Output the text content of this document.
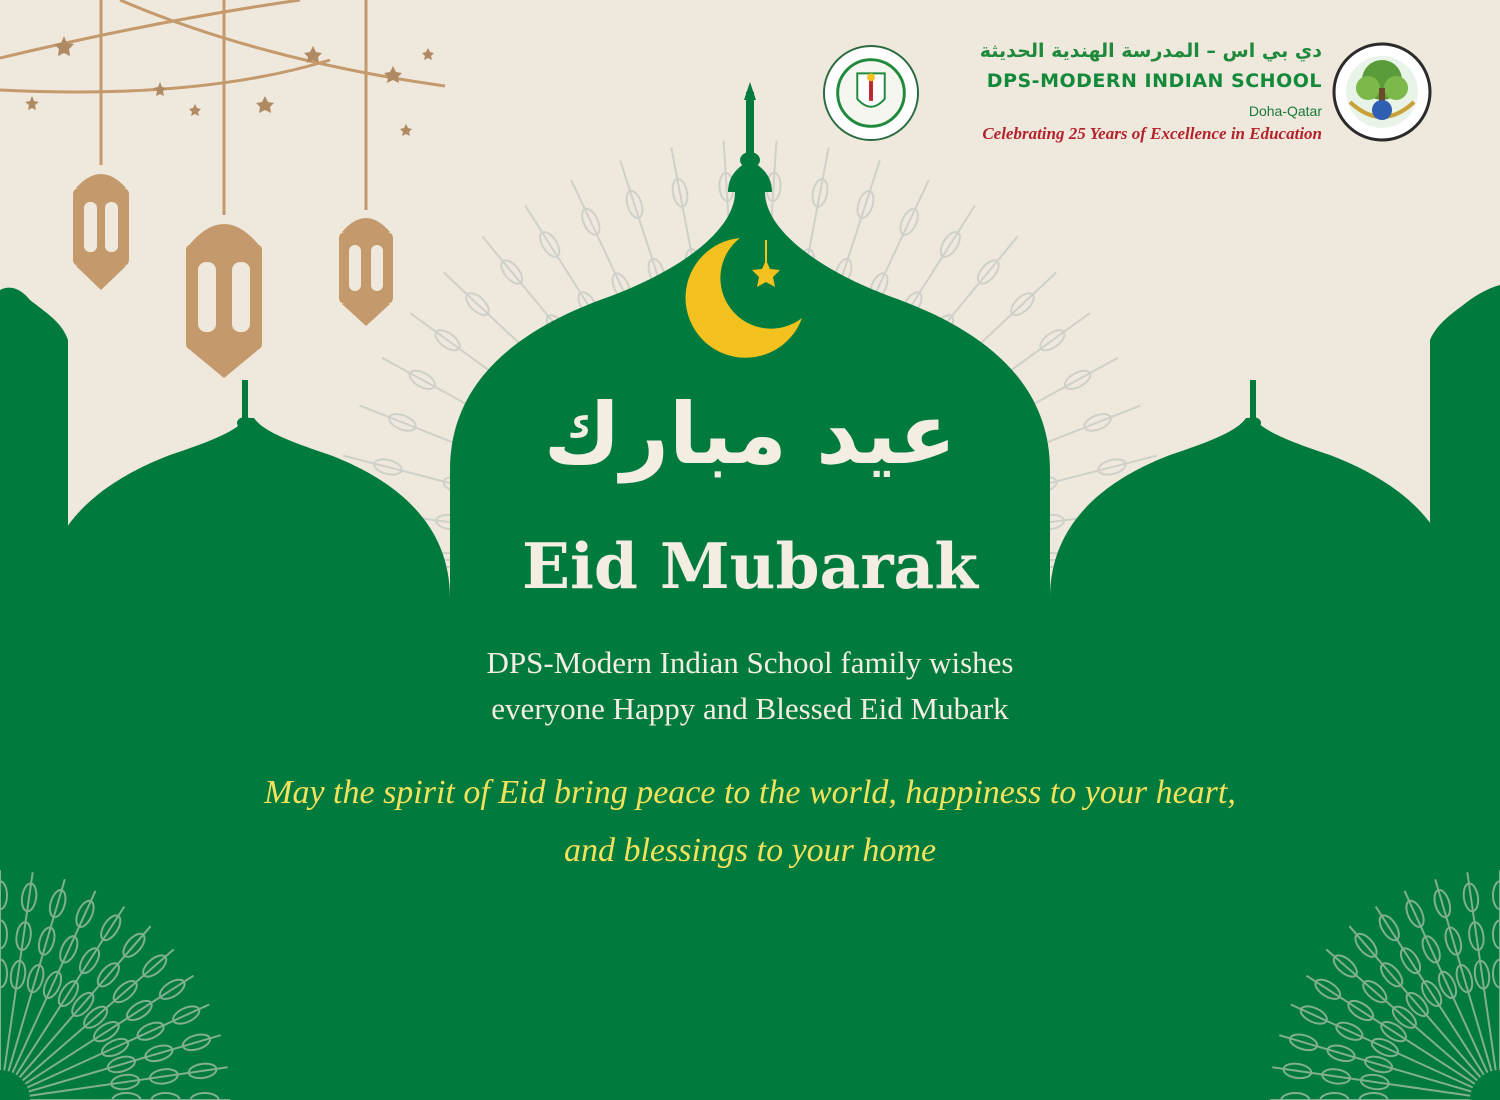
دي بي اس – المدرسة الهندية الحديثة

DPS-MODERN INDIAN SCHOOL

Doha-Qatar

Celebrating 25 Years of Excellence in Education

عيد مبارك
Eid Mubarak

DPS-Modern Indian School family wishes
everyone Happy and Blessed Eid Mubark

May the spirit of Eid bring peace to the world, happiness to your heart,
and blessings to your home
